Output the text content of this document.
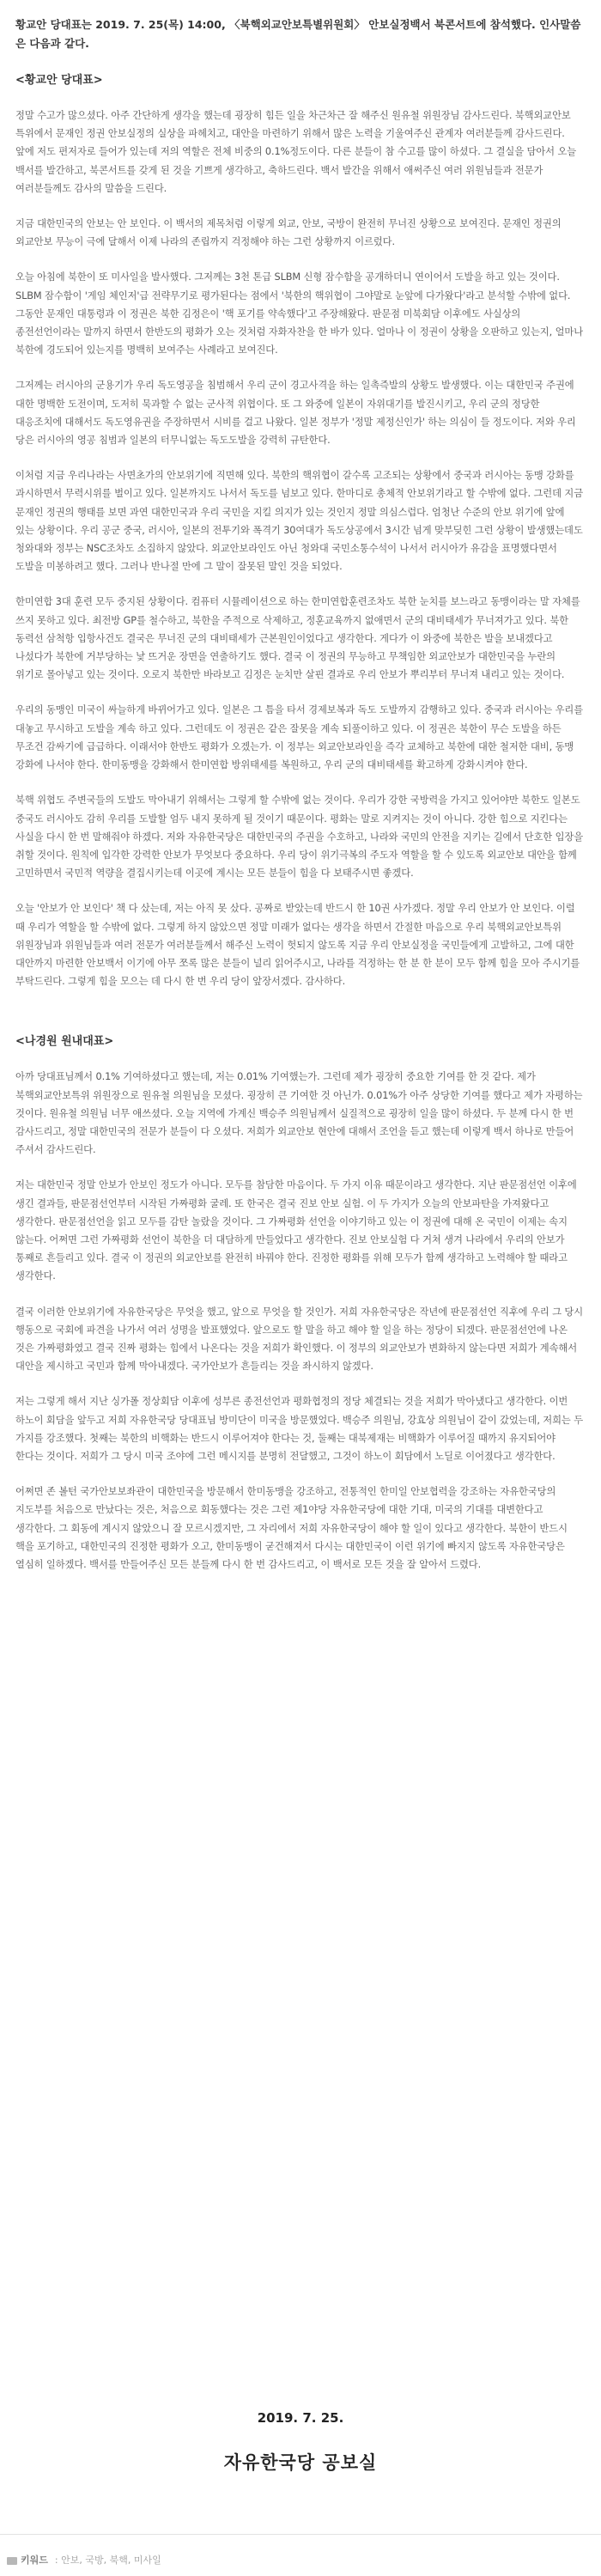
황교안 당대표는 2019. 7. 25(목) 14:00, 〈북핵외교안보특별위원회〉 안보실정백서 북콘서트에 참석했다. 인사말씀은 다음과 같다.

<황교안 당대표>

정말 수고가 많으셨다. 아주 간단하게 생각을 했는데 굉장히 힘든 일을 차근차근 잘 해주신 원유철 위원장님 감사드린다. 북핵외교안보 특위에서 문재인 정권 안보실정의 실상을 파헤치고, 대안을 마련하기 위해서 많은 노력을 기울여주신 관계자 여러분들께 감사드린다. 앞에 저도 편저자로 들어가 있는데 저의 역할은 전체 비중의 0.1%정도이다. 다른 분들이 참 수고를 많이 하셨다. 그 결실을 담아서 오늘 백서를 발간하고, 북콘서트를 갖게 된 것을 기쁘게 생각하고, 축하드린다. 백서 발간을 위해서 애써주신 여러 위원님들과 전문가 여러분들께도 감사의 말씀을 드린다.

지금 대한민국의 안보는 안 보인다. 이 백서의 제목처럼 이렇게 외교, 안보, 국방이 완전히 무너진 상황으로 보여진다. 문재인 정권의 외교안보 무능이 극에 달해서 이제 나라의 존립까지 걱정해야 하는 그런 상황까지 이르렀다.

오늘 아침에 북한이 또 미사일을 발사했다. 그저께는 3천 톤급 SLBM 신형 잠수함을 공개하더니 연이어서 도발을 하고 있는 것이다. SLBM 잠수함이 '게임 체인저'급 전략무기로 평가된다는 점에서 '북한의 핵위협이 그야말로 눈앞에 다가왔다'라고 분석할 수밖에 없다. 그동안 문재인 대통령과 이 정권은 북한 김정은이 '핵 포기를 약속했다'고 주장해왔다. 판문점 미북회담 이후에도 사실상의 종전선언이라는 말까지 하면서 한반도의 평화가 오는 것처럼 자화자찬을 한 바가 있다. 얼마나 이 정권이 상황을 오판하고 있는지, 얼마나 북한에 경도되어 있는지를 명백히 보여주는 사례라고 보여진다.

그저께는 러시아의 군용기가 우리 독도영공을 침범해서 우리 군이 경고사격을 하는 일촉즉발의 상황도 발생했다. 이는 대한민국 주권에 대한 명백한 도전이며, 도저히 묵과할 수 없는 군사적 위협이다. 또 그 와중에 일본이 자위대기를 발진시키고, 우리 군의 정당한 대응조치에 대해서도 독도영유권을 주장하면서 시비를 걸고 나왔다. 일본 정부가 '정말 제정신인가' 하는 의심이 들 정도이다. 저와 우리 당은 러시아의 영공 침범과 일본의 터무니없는 독도도발을 강력히 규탄한다.

이처럼 지금 우리나라는 사면초가의 안보위기에 직면해 있다. 북한의 핵위협이 갈수록 고조되는 상황에서 중국과 러시아는 동맹 강화를 과시하면서 무력시위를 벌이고 있다. 일본까지도 나서서 독도를 넘보고 있다. 한마디로 총체적 안보위기라고 할 수밖에 없다. 그런데 지금 문재인 정권의 행태를 보면 과연 대한민국과 우리 국민을 지킬 의지가 있는 것인지 정말 의심스럽다. 엄청난 수준의 안보 위기에 앞에 있는 상황이다. 우리 공군 중국, 러시아, 일본의 전투기와 폭격기 30여대가 독도상공에서 3시간 넘게 맞부딪힌 그런 상황이 발생했는데도 청와대와 정부는 NSC조차도 소집하지 않았다. 외교안보라인도 아닌 청와대 국민소통수석이 나서서 러시아가 유감을 표명했다면서 도발을 미봉하려고 했다. 그러나 반나절 만에 그 말이 잘못된 말인 것을 되었다.

한미연합 3대 훈련 모두 중지된 상황이다. 컴퓨터 시뮬레이션으로 하는 한미연합훈련조차도 북한 눈치를 보느라고 동맹이라는 말 자체를 쓰지 못하고 있다. 최전방 GP를 철수하고, 북한을 주적으로 삭제하고, 정훈교육까지 없애면서 군의 대비태세가 무너져가고 있다. 북한 동력선 삼척항 입항사건도 결국은 무너진 군의 대비태세가 근본원인이었다고 생각한다. 게다가 이 와중에 북한은 발을 보내겠다고 나섰다가 북한에 거부당하는 낯 뜨거운 장면을 연출하기도 했다. 결국 이 정권의 무능하고 무책임한 외교안보가 대한민국을 누란의 위기로 몰아넣고 있는 것이다. 오로지 북한만 바라보고 김정은 눈치만 살핀 결과로 우리 안보가 뿌리부터 무너져 내리고 있는 것이다.

우리의 동맹인 미국이 싸늘하게 바뀌어가고 있다. 일본은 그 틈을 타서 경제보복과 독도 도발까지 감행하고 있다. 중국과 러시아는 우리를 대놓고 무시하고 도발을 계속 하고 있다. 그런데도 이 정권은 같은 잘못을 계속 되풀이하고 있다. 이 정권은 북한이 무슨 도발을 하든 무조건 감싸기에 급급하다. 이래서야 한반도 평화가 오겠는가. 이 정부는 외교안보라인을 즉각 교체하고 북한에 대한 철저한 대비, 동맹 강화에 나서야 한다. 한미동맹을 강화해서 한미연합 방위태세를 복원하고, 우리 군의 대비태세를 확고하게 강화시켜야 한다.

북핵 위협도 주변국들의 도발도 막아내기 위해서는 그렇게 할 수밖에 없는 것이다. 우리가 강한 국방력을 가지고 있어야만 북한도 일본도 중국도 러시아도 감히 우리를 도발할 엄두 내지 못하게 될 것이기 때문이다. 평화는 말로 지켜지는 것이 아니다. 강한 힘으로 지킨다는 사실을 다시 한 번 말해줘야 하겠다. 저와 자유한국당은 대한민국의 주권을 수호하고, 나라와 국민의 안전을 지키는 길에서 단호한 입장을 취할 것이다. 원칙에 입각한 강력한 안보가 무엇보다 중요하다. 우리 당이 위기극복의 주도자 역할을 할 수 있도록 외교안보 대안을 함께 고민하면서 국민적 역량을 결집시키는데 이곳에 계시는 모든 분들이 힘을 다 보태주시면 좋겠다.

오늘 '안보가 안 보인다' 책 다 샀는데, 저는 아직 못 샀다. 공짜로 받았는데 반드시 한 10권 사가겠다. 정말 우리 안보가 안 보인다. 이럴 때 우리가 역할을 할 수밖에 없다. 그렇게 하지 않았으면 정말 미래가 없다는 생각을 하면서 간절한 마음으로 우리 북핵외교안보특위 위원장님과 위원님들과 여러 전문가 여러분들께서 해주신 노력이 헛되지 않도록 지금 우리 안보실정을 국민들에게 고발하고, 그에 대한 대안까지 마련한 안보백서 이기에 아무 쪼록 많은 분들이 널리 읽어주시고, 나라를 걱정하는 한 분 한 분이 모두 함께 힘을 모아 주시기를 부탁드린다. 그렇게 힘을 모으는 데 다시 한 번 우리 당이 앞장서겠다. 감사하다.

<나경원 원내대표>

아까 당대표님께서 0.1% 기여하셨다고 했는데, 저는 0.01% 기여했는가. 그런데 제가 굉장히 중요한 기여를 한 것 같다. 제가 북핵외교안보특위 위원장으로 원유철 의원님을 모셨다. 굉장히 큰 기여한 것 아닌가. 0.01%가 아주 상당한 기여를 했다고 제가 자평하는 것이다. 원유철 의원님 너무 애쓰셨다. 오늘 지역에 가계신 백승주 의원님께서 실질적으로 굉장히 일을 많이 하셨다. 두 분께 다시 한 번 감사드리고, 정말 대한민국의 전문가 분들이 다 오셨다. 저희가 외교안보 현안에 대해서 조언을 듣고 했는데 이렇게 백서 하나로 만들어 주셔서 감사드린다.

저는 대한민국 정말 안보가 안보인 정도가 아니다. 모두를 참담한 마음이다. 두 가지 이유 때문이라고 생각한다. 지난 판문점선언 이후에 생긴 결과들, 판문점선언부터 시작된 가짜평화 굴레. 또 한국은 결국 진보 안보 실험. 이 두 가지가 오늘의 안보파탄을 가져왔다고 생각한다. 판문점선언을 읽고 모두를 감탄 놀랐을 것이다. 그 가짜평화 선언을 이야기하고 있는 이 정권에 대해 온 국민이 이제는 속지 않는다. 어쩌면 그런 가짜평화 선언이 북한을 더 대담하게 만들었다고 생각한다. 진보 안보실험 다 거쳐 생겨 나라에서 우리의 안보가 통째로 흔들리고 있다. 결국 이 정권의 외교안보를 완전히 바꿔야 한다. 진정한 평화를 위해 모두가 함께 생각하고 노력해야 할 때라고 생각한다.

결국 이러한 안보위기에 자유한국당은 무엇을 했고, 앞으로 무엇을 할 것인가. 저희 자유한국당은 작년에 판문점선언 직후에 우리 그 당시 행동으로 국회에 파견을 나가서 여러 성명을 발표했었다. 앞으로도 할 말을 하고 해야 할 일을 하는 정당이 되겠다. 판문점선언에 나온 것은 가짜평화였고 결국 진짜 평화는 힘에서 나온다는 것을 저희가 확인했다. 이 정부의 외교안보가 변화하지 않는다면 저희가 계속해서 대안을 제시하고 국민과 함께 막아내겠다. 국가안보가 흔들리는 것을 좌시하지 않겠다.

저는 그렇게 해서 지난 싱가폴 정상회담 이후에 성부른 종전선언과 평화협정의 정당 체결되는 것을 저희가 막아냈다고 생각한다. 이번 하노이 회담을 앞두고 저희 자유한국당 당대표님 방미단이 미국을 방문했었다. 백승주 의원님, 강효상 의원님이 같이 갔었는데, 저희는 두 가지를 강조했다. 첫째는 북한의 비핵화는 반드시 이루어져야 한다는 것, 둘째는 대북제재는 비핵화가 이루어질 때까지 유지되어야 한다는 것이다. 저희가 그 당시 미국 조야에 그런 메시지를 분명히 전달했고, 그것이 하노이 회담에서 노딜로 이어졌다고 생각한다.

어쩌면 존 볼턴 국가안보보좌관이 대한민국을 방문해서 한미동맹을 강조하고, 전통적인 한미일 안보협력을 강조하는 자유한국당의 지도부를 처음으로 만났다는 것은, 처음으로 회동했다는 것은 그런 제1야당 자유한국당에 대한 기대, 미국의 기대를 대변한다고 생각한다. 그 회동에 계시지 않았으니 잘 모르시겠지만, 그 자리에서 저희 자유한국당이 해야 할 일이 있다고 생각한다. 북한이 반드시 핵을 포기하고, 대한민국의 진정한 평화가 오고, 한미동맹이 굳건해져서 다시는 대한민국이 이런 위기에 빠지지 않도록 자유한국당은 열심히 일하겠다. 백서를 만들어주신 모든 분들께 다시 한 번 감사드리고, 이 백서로 모든 것을 잘 알아서 드렸다.

2019. 7. 25.
자유한국당 공보실
키워드 : 안보, 국방, 북핵, 미사일
